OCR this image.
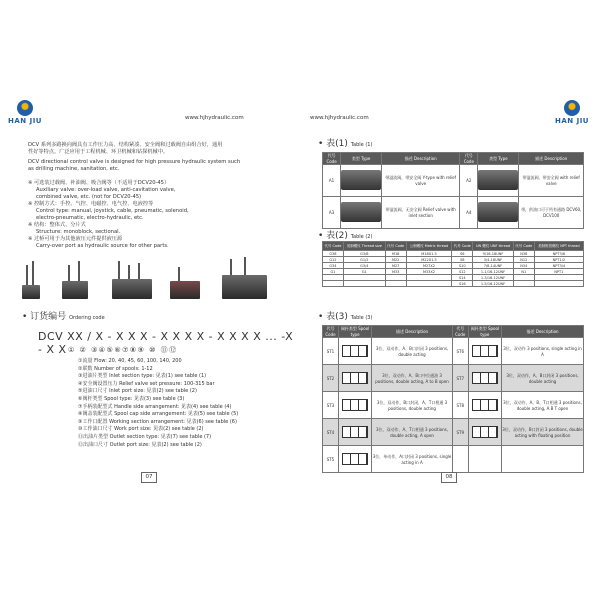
HAN JIU	www.hjhydraulic.com
DCV 系列多路换向阀具有工作压力高、结构紧凑、安全阀和过载阀自由组合好，通用
性好等特点。广泛应用于工程机械、环卫机械和钻探机械中。
DCV directional control valve is designed for high pressure hydraulic system such
as drilling machine, sanitation, etc.
※ 可选装过载阀、补油阀、吸合阀等（不适用于DCV20-45）
Auxiliary valve: over-load valve, anti-cavitation valve,
combined valve, etc. (not for DCV20-45)
※ 控制方式：手控、气控、电磁控、电气控、电液控等
Control type: manual, joystick, cable, pneumatic, solenoid,
electro-pneumatic, electro-hydraulic, etc.
※ 结构：整体式、分片式
Structure: monoblock, sectional.
※ 过桥可用于为其他液压元件提供液压源
Carry-over port as hydraulic source for other parts.
• 订货编号 Ordering code
DCV XX / X - X X X - X X X X - X X X X ... -X - X X ① ② ③④⑤⑥⑦⑧⑨ ⑩ ⑪⑫
①流量 Flow: 20, 40, 45, 60, 100, 140, 200
②联数 Number of spools: 1-12
③进油片类型 Inlet section type: 见表(1) see table (1)
④安全阀设置压力 Relief valve set pressure: 100-315 bar
⑤进油口尺寸 Inlet port size: 见表(2) see table (2)
⑥阀杆类型 Spool type: 见表(3) see table (3)
⑦手柄装配型式 Handle side arrangement: 见表(4) see table (4)
⑧阀盖装配型式 Spool cap side arrangement: 见表(5) see table (5)
⑨工作口配置 Working section arrangement: 见表(6) see table (6)
⑩工作油口尺寸 Work port size: 见表(2) see table (2)
⑪出油片类型 Outlet section type: 见表(7) see table (7)
⑫出油口尺寸 Outlet port size: 见表(2) see table (2)
07
www.hjhydraulic.com	HAN JIU
• 表(1) Table (1)
代号 Code	类型 Type	描述 Description	代号 Code	类型 Type	描述 Description
A1		带溢流阀，带安全阀 Y-type with relief valve	A2		带溢流阀，带安全阀 with relief valve
A3		带溢流阀，无安全阀 Relief valve with inlet section	A4		带，供油口可于所有通路 DCV60, DCV100
• 表(2) Table (2)
代号 Code	英制螺纹 Thread size	代号 Code	公制螺纹 Metric thread	代号 Code	UN 螺纹 UNF thread	代号 Code	美制锥管螺纹 NPT thread
G38	G3/8	M18	M18X1.5	S6	9/16-18UNF	N38	NPT3/8
G12	G1/2	M22	M22X1.5	S8	3/4-16UNF	N12	NPT1/2
G34	G3/4	M27	M27X2	S10	7/8-14UNF	N34	NPT3/4
G1	G1	M33	M33X2	S12	1-1/16-12UNF	N1	NPT1
				S14	1-3/16-12UNF		
				S16	1-5/16-12UNF		
• 表(3) Table (3)
代号 Code	阀杆类型 Spool type	描述 Description	代号 Code	阀杆类型 Spool type	描述 Description
ST1		3位，双动作，A、B口封闭 3 positions, double acting	ST6		3位，双动作 3 positions, single acting in A
ST2		3位，双动作，A、B口中位通油 3 positions, double acting, A to B open	ST7		3位，双动作，A、B口封闭 3 positions, double acting
ST3		3位，双动作，B口封闭，A、T口相通 3 positions, double acting	ST8		3位，双动作，A、B、T口相通 3 positions, double acting, A B T open
ST4		3位，双动作，A、T口相通 3 positions, double acting, A open	ST9		3位，双动作，B口封闭 3 positions, double acting with floating position
ST5		3位，单动作，A口封闭 3 positions, single acting in A			
08
